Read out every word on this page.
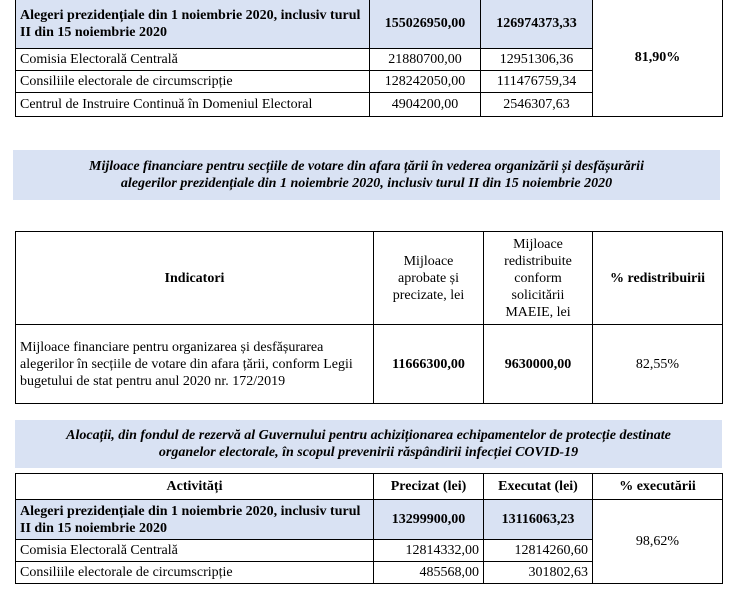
Alegeri prezidențiale din 1 noiembrie 2020, inclusiv turul II din 15 noiembrie 2020	155026950,00	126974373,33	81,90%
Comisia Electorală Centrală	21880700,00	12951306,36	
Consiliile electorale de circumscripție	128242050,00	111476759,34	
Centrul de Instruire Continuă în Domeniul Electoral	4904200,00	2546307,63	
Mijloace financiare pentru secțiile de votare din afara țării în vederea organizării și desfășurării
alegerilor prezidențiale din 1 noiembrie 2020, inclusiv turul II din 15 noiembrie 2020
Indicatori	Mijloace aprobate și precizate, lei	Mijloace redistribuite conform solicitării MAEIE, lei	% redistribuirii
Mijloace financiare pentru organizarea și desfășurarea alegerilor în secțiile de votare din afara țării, conform Legii bugetului de stat pentru anul 2020 nr. 172/2019	11666300,00	9630000,00	82,55%
Alocații, din fondul de rezervă al Guvernului pentru achiziționarea echipamentelor de protecție destinate
organelor electorale, în scopul prevenirii răspândirii infecției COVID-19
Activități	Precizat (lei)	Executat (lei)	% executării
Alegeri prezidențiale din 1 noiembrie 2020, inclusiv turul II din 15 noiembrie 2020	13299900,00	13116063,23	98,62%
Comisia Electorală Centrală	12814332,00	12814260,60	
Consiliile electorale de circumscripție	485568,00	301802,63	
